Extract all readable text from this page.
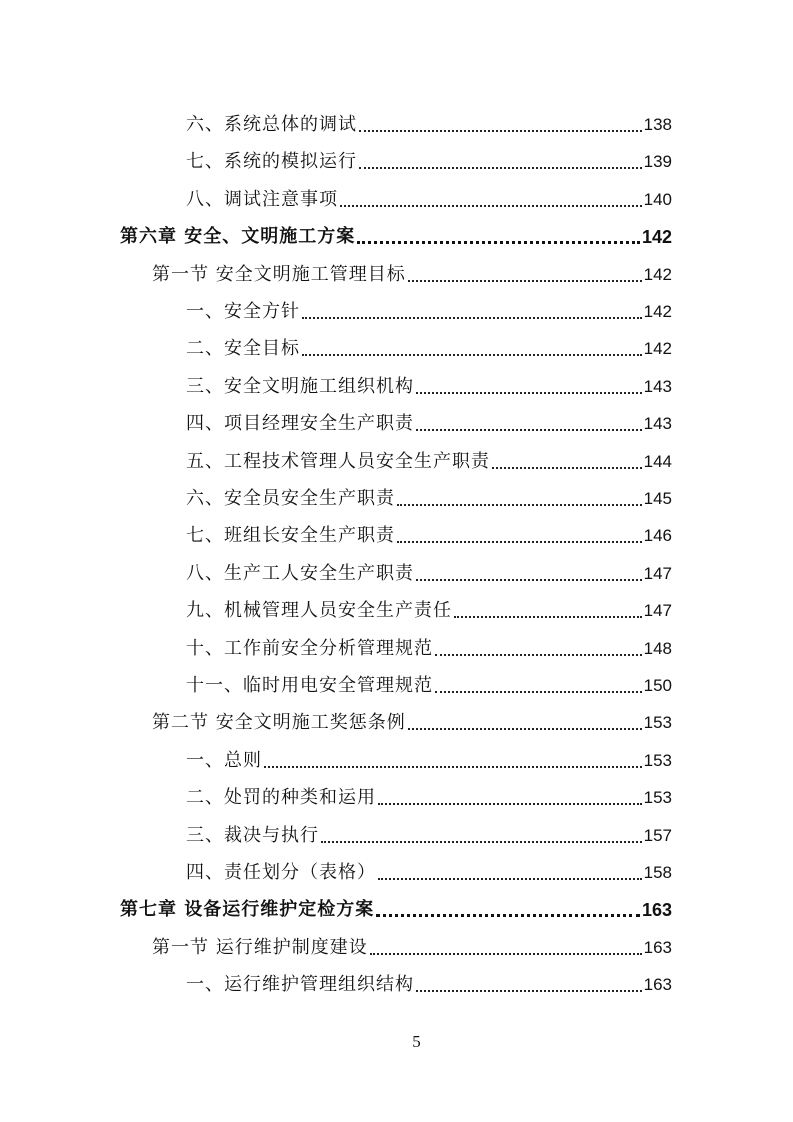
六、系统总体的调试	138
七、系统的模拟运行	139
八、调试注意事项	140
第六章 安全、文明施工方案	142
第一节 安全文明施工管理目标	142
一、安全方针	142
二、安全目标	142
三、安全文明施工组织机构	143
四、项目经理安全生产职责	143
五、工程技术管理人员安全生产职责	144
六、安全员安全生产职责	145
七、班组长安全生产职责	146
八、生产工人安全生产职责	147
九、机械管理人员安全生产责任	147
十、工作前安全分析管理规范	148
十一、临时用电安全管理规范	150
第二节 安全文明施工奖惩条例	153
一、总则	153
二、处罚的种类和运用	153
三、裁决与执行	157
四、责任划分（表格）	158
第七章 设备运行维护定检方案	163
第一节 运行维护制度建设	163
一、运行维护管理组织结构	163
5
